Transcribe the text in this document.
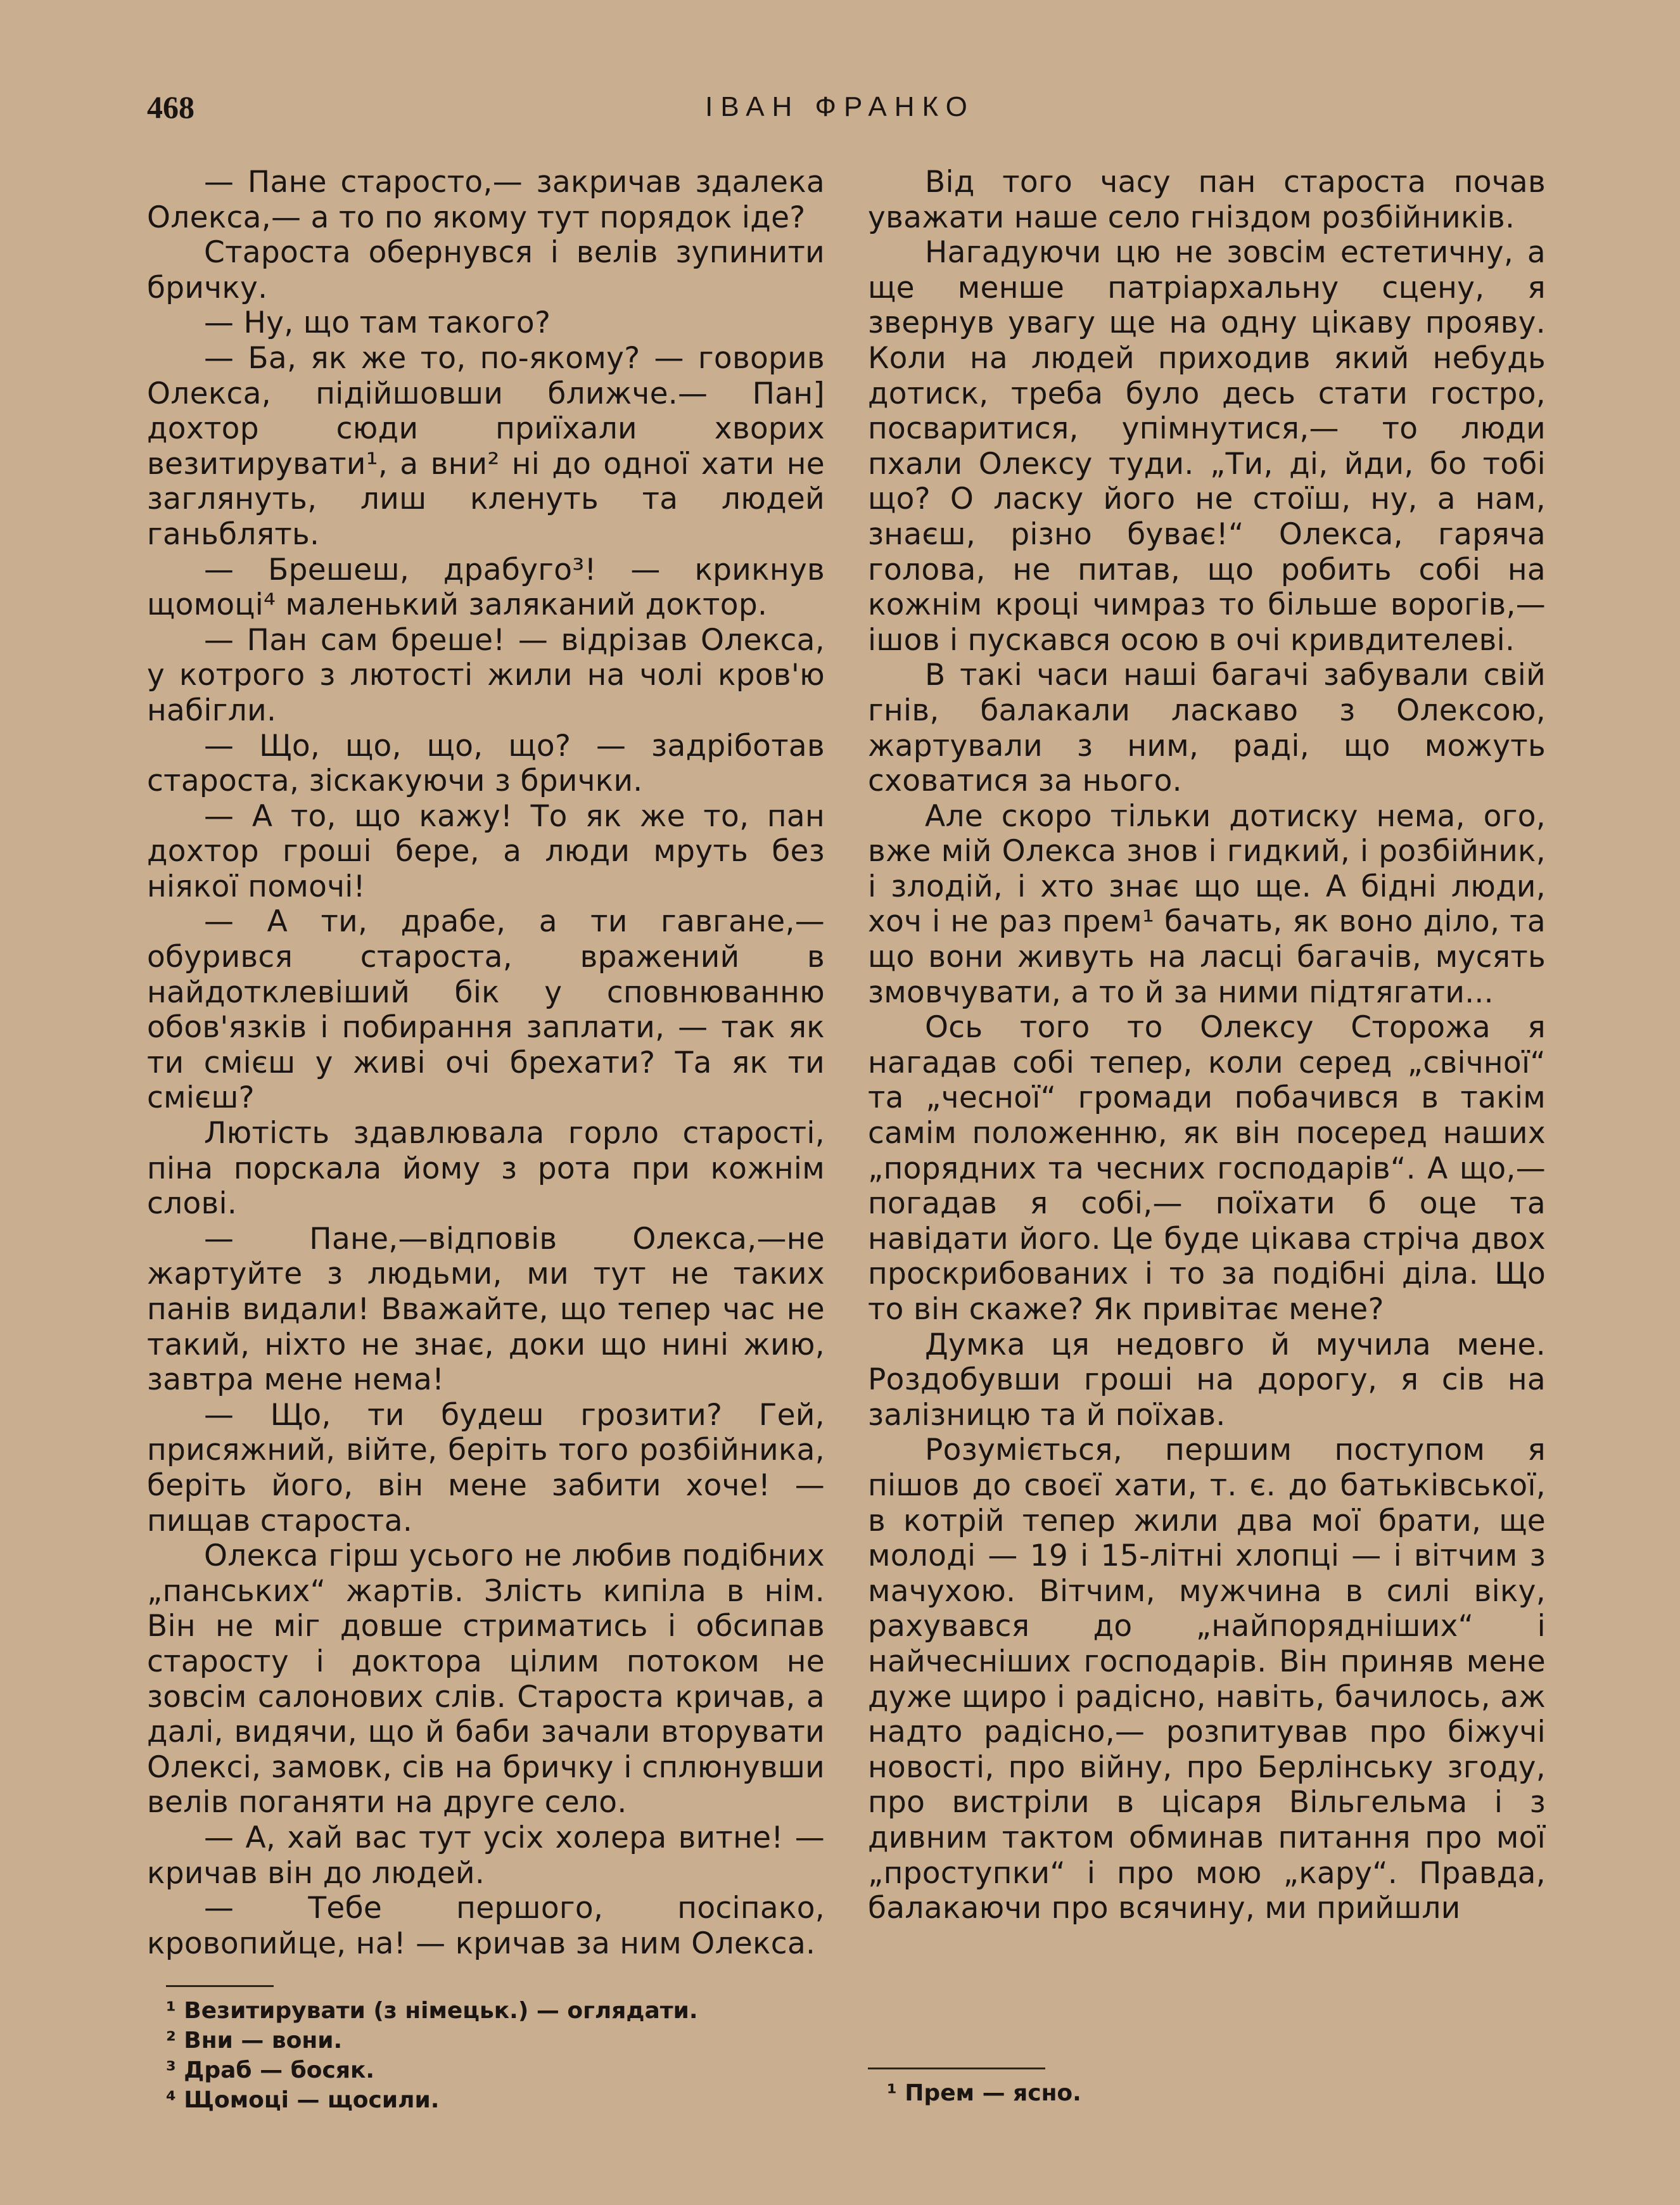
468	ІВАН ФРАНКО

— Пане старосто,— закричав здалека Олекса,— а то по якому тут порядок іде?

Староста обернувся і велів зупинити бричку.

— Ну, що там такого?

— Ба, як же то, по-якому? — говорив Олекса, підійшовши ближче.— Пан] дохтор сюди приїхали хворих везитирувати¹, а вни² ні до одної хати не заглянуть, лиш кленуть та людей ганьблять.

— Брешеш, драбуго³! — крикнув щомоці⁴ маленький заляканий доктор.

— Пан сам бреше! — відрізав Олекса, у котрого з лютості жили на чолі кров'ю набігли.

— Що, що, що, що? — задріботав староста, зіскакуючи з брички.

— А то, що кажу! То як же то, пан дохтор гроші бере, а люди мруть без ніякої помочі!

— А ти, драбе, а ти гавгане,— обурився староста, вражений в найдотклевіший бік у сповнюванню обов'язків і побирання заплати, — так як ти смієш у живі очі брехати? Та як ти смієш?

Лютість здавлювала горло старості, піна порскала йому з рота при кожнім слові.

— Пане,—відповів Олекса,—не жартуйте з людьми, ми тут не таких панів видали! Вважайте, що тепер час не такий, ніхто не знає, доки що нині жию, завтра мене нема!

— Що, ти будеш грозити? Гей, присяжний, війте, беріть того розбійника, беріть його, він мене забити хоче! — пищав староста.

Олекса гірш усього не любив подібних „панських“ жартів. Злість кипіла в нім. Він не міг довше стриматись і обсипав старосту і доктора цілим потоком не зовсім салонових слів. Староста кричав, а далі, видячи, що й баби зачали вторувати Олексі, замовк, сів на бричку і сплюнувши велів поганяти на друге село.

— А, хай вас тут усіх холера витне! — кричав він до людей.

— Тебе першого, посіпако, кровопийце, на! — кричав за ним Олекса.

Від того часу пан староста почав уважати наше село гніздом розбійників.

Нагадуючи цю не зовсім естетичну, а ще менше патріархальну сцену, я звернув увагу ще на одну цікаву прояву. Коли на людей приходив який небудь дотиск, треба було десь стати гостро, посваритися, упімнутися,— то люди пхали Олексу туди. „Ти, ді, йди, бо тобі що? О ласку його не стоїш, ну, а нам, знаєш, різно буває!“ Олекса, гаряча голова, не питав, що робить собі на кожнім кроці чимраз то більше ворогів,— ішов і пускався осою в очі кривдителеві.

В такі часи наші багачі забували свій гнів, балакали ласкаво з Олексою, жартували з ним, раді, що можуть сховатися за нього.

Але скоро тільки дотиску нема, ого, вже мій Олекса знов і гидкий, і розбійник, і злодій, і хто знає що ще. А бідні люди, хоч і не раз прем¹ бачать, як воно діло, та що вони живуть на ласці багачів, мусять змовчувати, а то й за ними підтягати...

Ось того то Олексу Сторожа я нагадав собі тепер, коли серед „свічної“ та „чесної“ громади побачився в такім самім положенню, як він посеред наших „порядних та чесних господарів“. А що,— погадав я собі,— поїхати б оце та навідати його. Це буде цікава стріча двох проскрибованих і то за подібні діла. Що то він скаже? Як привітає мене?

Думка ця недовго й мучила мене. Роздобувши гроші на дорогу, я сів на залізницю та й поїхав.

Розуміється, першим поступом я пішов до своєї хати, т. є. до батьківської, в котрій тепер жили два мої брати, ще молоді — 19 і 15-літні хлопці — і вітчим з мачухою. Вітчим, мужчина в силі віку, рахувався до „найпорядніших“ і найчесніших господарів. Він приняв мене дуже щиро і радісно, навіть, бачилось, аж надто радісно,— розпитував про біжучі новості, про війну, про Берлінську згоду, про вистріли в цісаря Вільгельма і з дивним тактом обминав питання про мої „проступки“ і про мою „кару“. Правда, балакаючи про всячину, ми прийшли

¹ Везитирувати (з німецьк.) — оглядати.

² Вни — вони.

³ Драб — босяк.

⁴ Щомоці — щосили.	¹ Прем — ясно.
